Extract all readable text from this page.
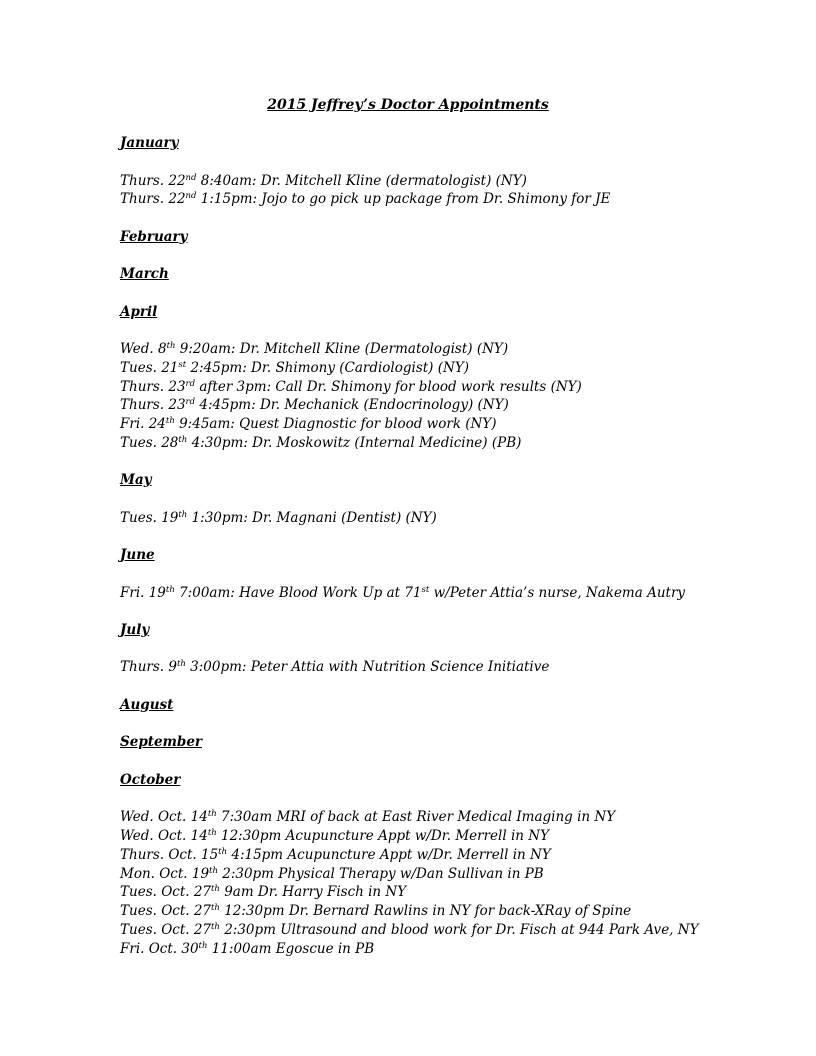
2015 Jeffrey’s Doctor Appointments
January
Thurs. 22nd 8:40am: Dr. Mitchell Kline (dermatologist) (NY)
Thurs. 22nd 1:15pm: Jojo to go pick up package from Dr. Shimony for JE
February
March
April
Wed. 8th 9:20am: Dr. Mitchell Kline (Dermatologist) (NY)
Tues. 21st 2:45pm: Dr. Shimony (Cardiologist) (NY)
Thurs. 23rd after 3pm: Call Dr. Shimony for blood work results (NY)
Thurs. 23rd 4:45pm: Dr. Mechanick (Endocrinology) (NY)
Fri. 24th 9:45am: Quest Diagnostic for blood work (NY)
Tues. 28th 4:30pm: Dr. Moskowitz (Internal Medicine) (PB)
May
Tues. 19th 1:30pm: Dr. Magnani (Dentist) (NY)
June
Fri. 19th 7:00am: Have Blood Work Up at 71st w/Peter Attia’s nurse, Nakema Autry
July
Thurs. 9th 3:00pm: Peter Attia with Nutrition Science Initiative
August
September
October
Wed. Oct. 14th 7:30am MRI of back at East River Medical Imaging in NY
Wed. Oct. 14th 12:30pm Acupuncture Appt w/Dr. Merrell in NY
Thurs. Oct. 15th 4:15pm Acupuncture Appt w/Dr. Merrell in NY
Mon. Oct. 19th 2:30pm Physical Therapy w/Dan Sullivan in PB
Tues. Oct. 27th 9am Dr. Harry Fisch in NY
Tues. Oct. 27th 12:30pm Dr. Bernard Rawlins in NY for back-XRay of Spine
Tues. Oct. 27th 2:30pm Ultrasound and blood work for Dr. Fisch at 944 Park Ave, NY
Fri. Oct. 30th 11:00am Egoscue in PB
